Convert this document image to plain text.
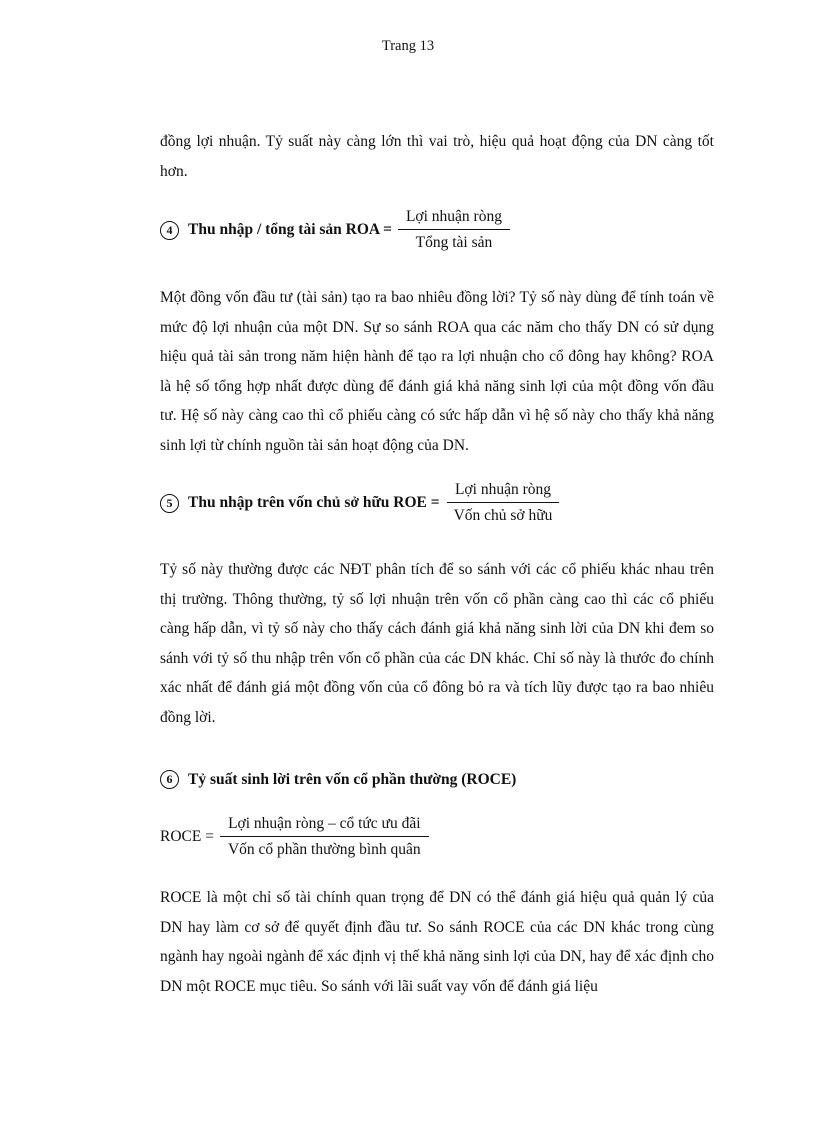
Trang 13

đồng lợi nhuận. Tỷ suất này càng lớn thì vai trò, hiệu quả hoạt động của DN càng tốt hơn.

4	Thu nhập / tổng tài sản ROA = $\frac{\text{Lợi nhuận ròng}}{\text{Tổng tài sản}}$

Một đồng vốn đầu tư (tài sản) tạo ra bao nhiêu đồng lời? Tỷ số này dùng để tính toán về mức độ lợi nhuận của một DN. Sự so sánh ROA qua các năm cho thấy DN có sử dụng hiệu quả tài sản trong năm hiện hành để tạo ra lợi nhuận cho cổ đông hay không? ROA là hệ số tổng hợp nhất được dùng để đánh giá khả năng sinh lợi của một đồng vốn đầu tư. Hệ số này càng cao thì cổ phiếu càng có sức hấp dẫn vì hệ số này cho thấy khả năng sinh lợi từ chính nguồn tài sản hoạt động của DN.

5	Thu nhập trên vốn chủ sở hữu ROE = $\frac{\text{Lợi nhuận ròng}}{\text{Vốn chủ sở hữu}}$

Tỷ số này thường được các NĐT phân tích để so sánh với các cổ phiếu khác nhau trên thị trường. Thông thường, tỷ số lợi nhuận trên vốn cổ phần càng cao thì các cổ phiếu càng hấp dẫn, vì tỷ số này cho thấy cách đánh giá khả năng sinh lời của DN khi đem so sánh với tỷ số thu nhập trên vốn cổ phần của các DN khác. Chỉ số này là thước đo chính xác nhất để đánh giá một đồng vốn của cổ đông bỏ ra và tích lũy được tạo ra bao nhiêu đồng lời.

6	Tỷ suất sinh lời trên vốn cổ phần thường (ROCE)
ROCE = $\frac{\text{Lợi nhuận ròng – cổ tức ưu đãi}}{\text{Vốn cổ phần thường bình quân}}$

ROCE là một chỉ số tài chính quan trọng để DN có thể đánh giá hiệu quả quản lý của DN hay làm cơ sở để quyết định đầu tư. So sánh ROCE của các DN khác trong cùng ngành hay ngoài ngành để xác định vị thế khả năng sinh lợi của DN, hay để xác định cho DN một ROCE mục tiêu. So sánh với lãi suất vay vốn để đánh giá liệu
